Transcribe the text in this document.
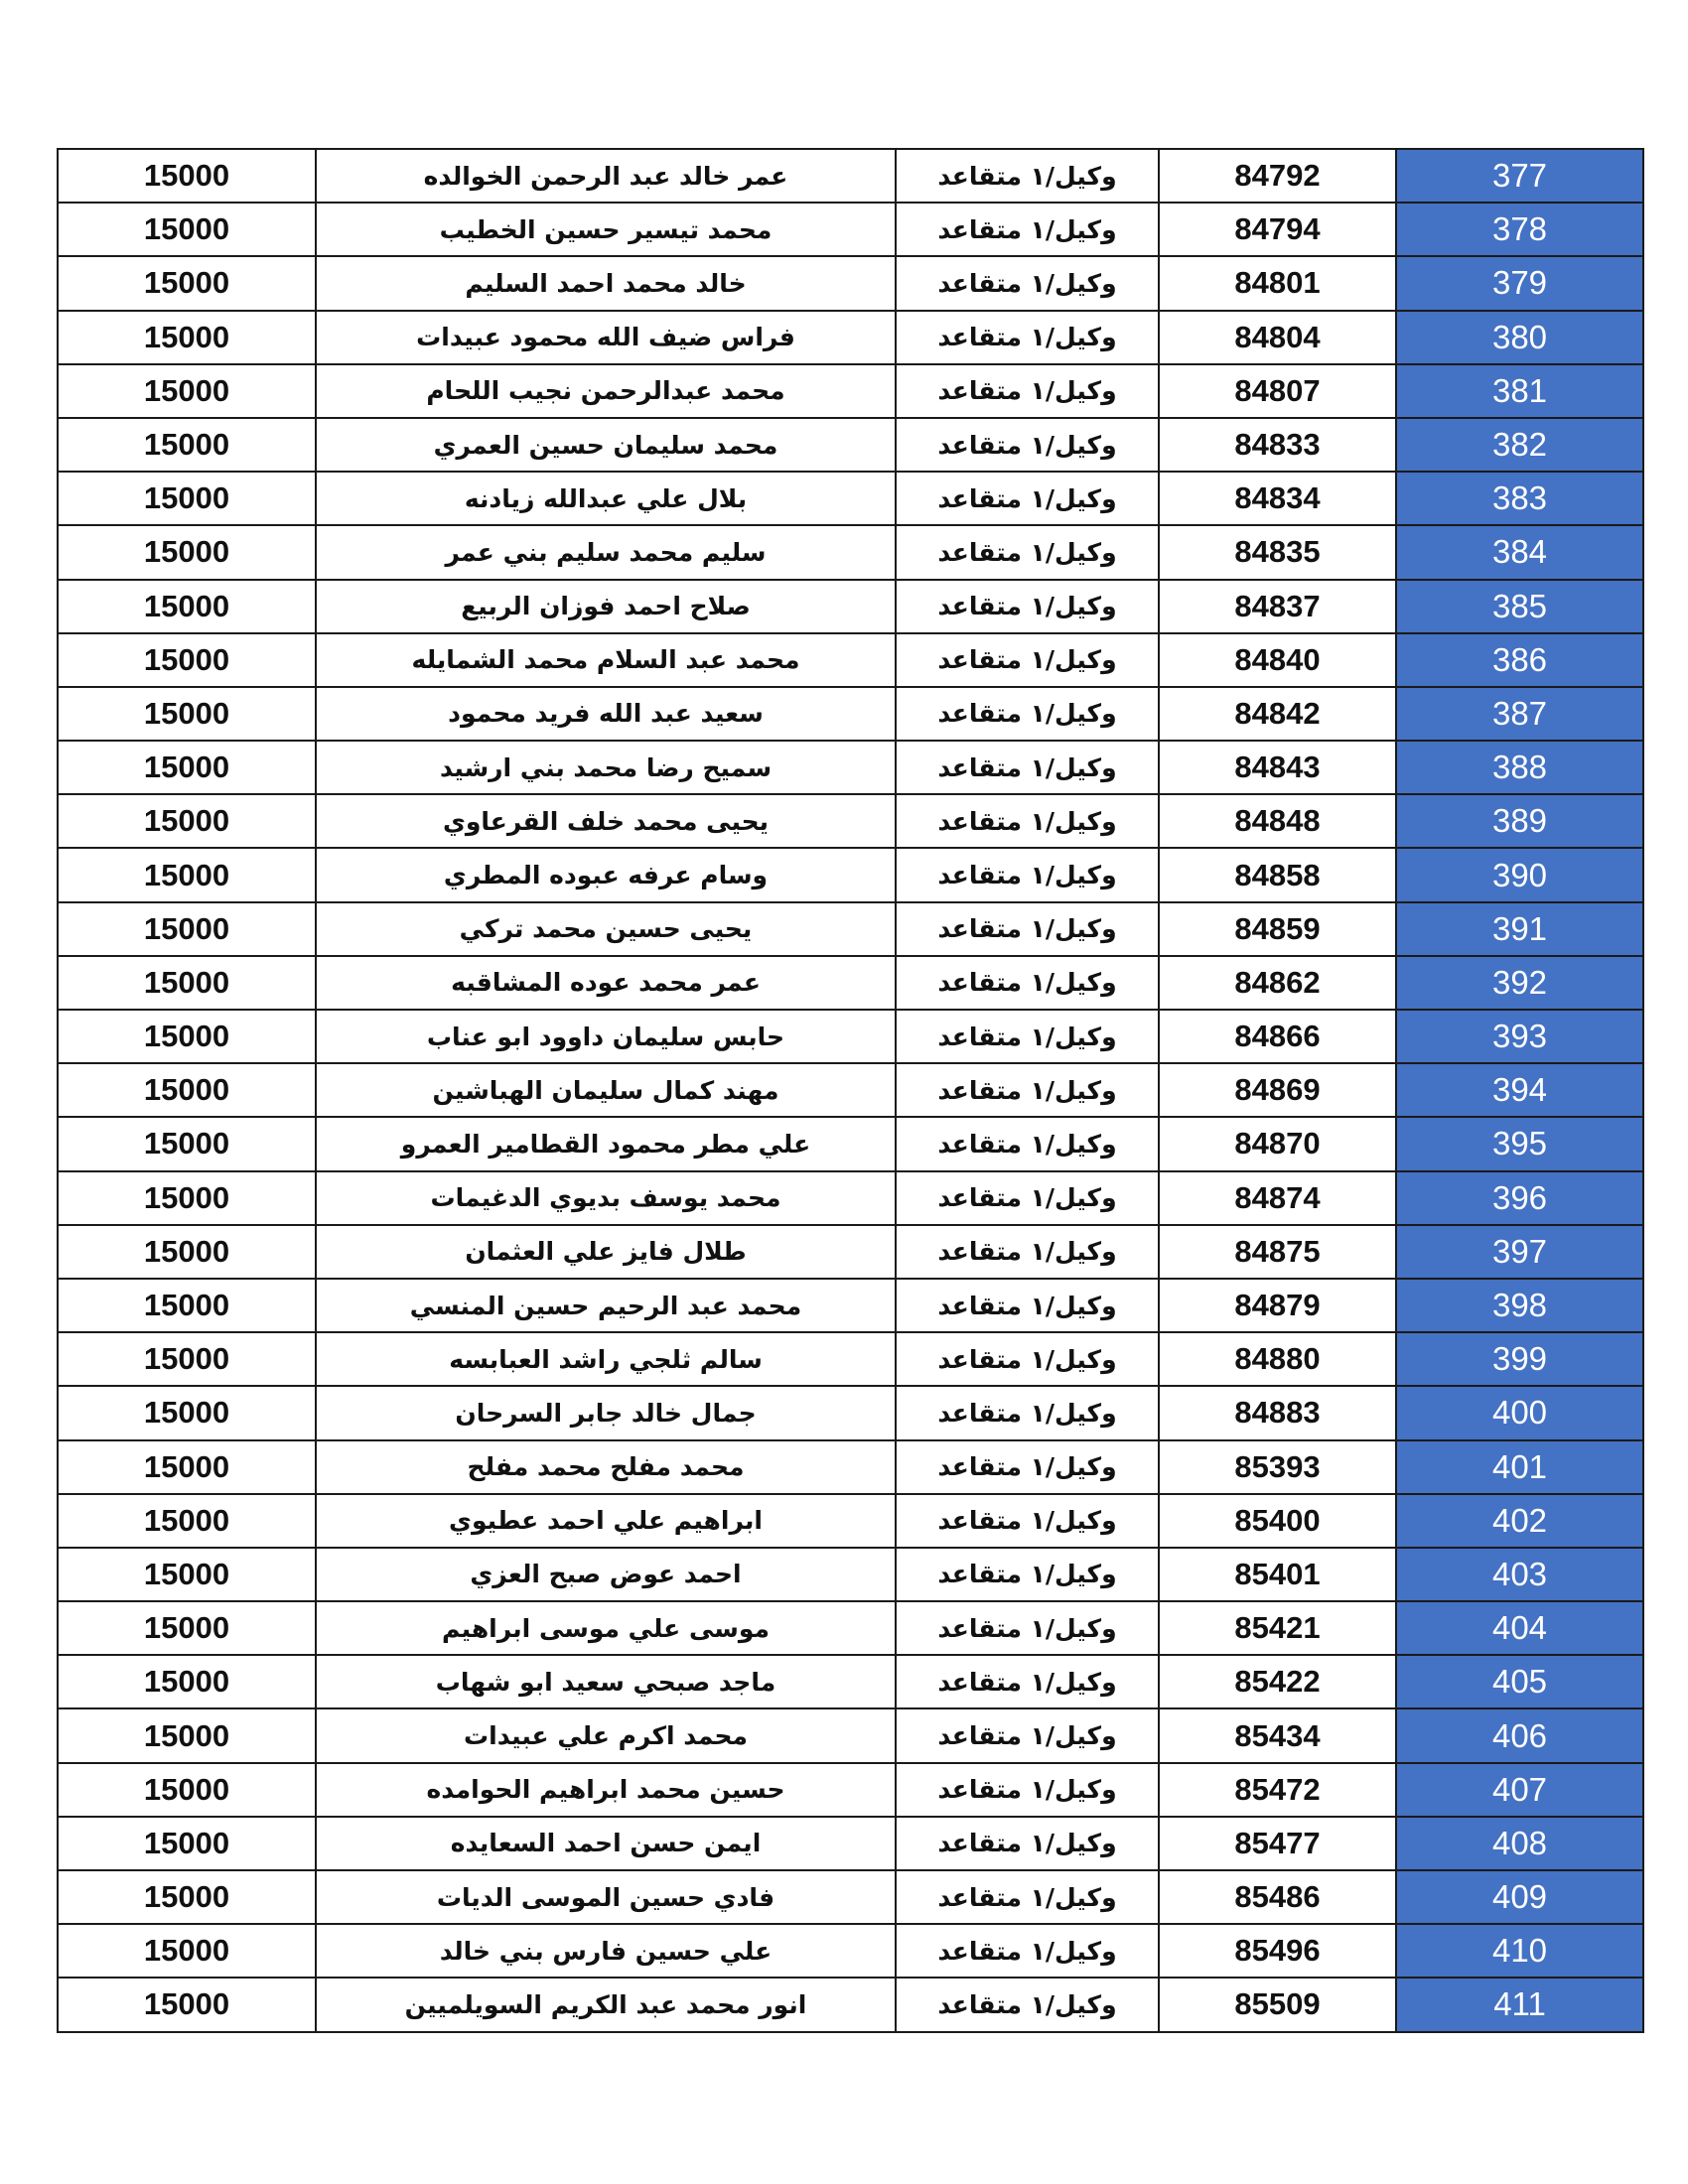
15000	عمر خالد عبد الرحمن الخوالده	وكيل/١ متقاعد	84792	377
15000	محمد تيسير حسين الخطيب	وكيل/١ متقاعد	84794	378
15000	خالد محمد احمد السليم	وكيل/١ متقاعد	84801	379
15000	فراس ضيف الله محمود عبيدات	وكيل/١ متقاعد	84804	380
15000	محمد عبدالرحمن نجيب اللحام	وكيل/١ متقاعد	84807	381
15000	محمد سليمان حسين العمري	وكيل/١ متقاعد	84833	382
15000	بلال علي عبدالله زيادنه	وكيل/١ متقاعد	84834	383
15000	سليم محمد سليم بني عمر	وكيل/١ متقاعد	84835	384
15000	صلاح احمد فوزان الربيع	وكيل/١ متقاعد	84837	385
15000	محمد عبد السلام محمد الشمايله	وكيل/١ متقاعد	84840	386
15000	سعيد عبد الله فريد محمود	وكيل/١ متقاعد	84842	387
15000	سميح رضا محمد بني ارشيد	وكيل/١ متقاعد	84843	388
15000	يحيى محمد خلف القرعاوي	وكيل/١ متقاعد	84848	389
15000	وسام عرفه عبوده المطري	وكيل/١ متقاعد	84858	390
15000	يحيى حسين محمد تركي	وكيل/١ متقاعد	84859	391
15000	عمر محمد عوده المشاقبه	وكيل/١ متقاعد	84862	392
15000	حابس سليمان داوود ابو عناب	وكيل/١ متقاعد	84866	393
15000	مهند كمال سليمان الهباشين	وكيل/١ متقاعد	84869	394
15000	علي مطر محمود القطامير العمرو	وكيل/١ متقاعد	84870	395
15000	محمد يوسف بديوي الدغيمات	وكيل/١ متقاعد	84874	396
15000	طلال فايز علي العثمان	وكيل/١ متقاعد	84875	397
15000	محمد عبد الرحيم حسين المنسي	وكيل/١ متقاعد	84879	398
15000	سالم ثلجي راشد العبابسه	وكيل/١ متقاعد	84880	399
15000	جمال خالد جابر السرحان	وكيل/١ متقاعد	84883	400
15000	محمد مفلح محمد مفلح	وكيل/١ متقاعد	85393	401
15000	ابراهيم علي احمد عطيوي	وكيل/١ متقاعد	85400	402
15000	احمد عوض صبح العزي	وكيل/١ متقاعد	85401	403
15000	موسى علي موسى ابراهيم	وكيل/١ متقاعد	85421	404
15000	ماجد صبحي سعيد ابو شهاب	وكيل/١ متقاعد	85422	405
15000	محمد اكرم علي عبيدات	وكيل/١ متقاعد	85434	406
15000	حسين محمد ابراهيم الحوامده	وكيل/١ متقاعد	85472	407
15000	ايمن حسن احمد السعايده	وكيل/١ متقاعد	85477	408
15000	فادي حسين الموسى الديات	وكيل/١ متقاعد	85486	409
15000	علي حسين فارس بني خالد	وكيل/١ متقاعد	85496	410
15000	انور محمد عبد الكريم السويلميين	وكيل/١ متقاعد	85509	411
